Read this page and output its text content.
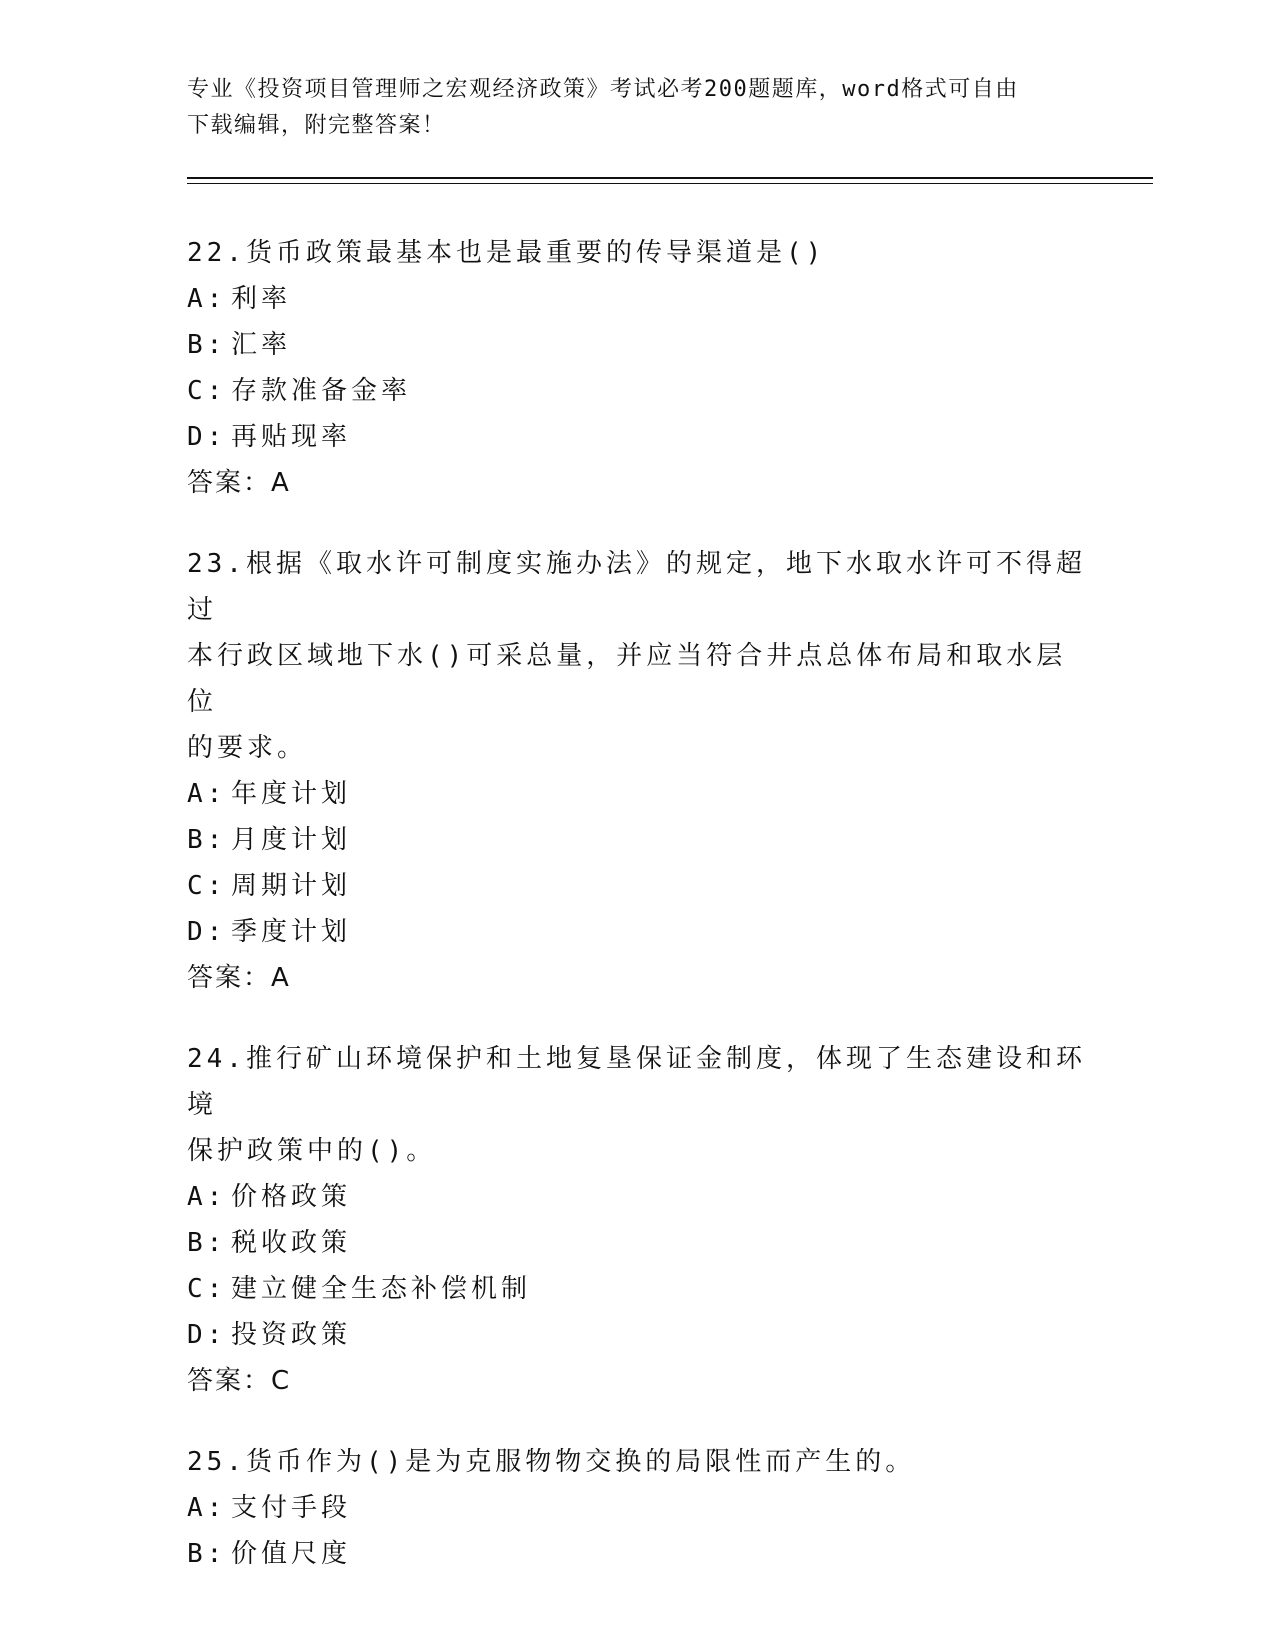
专业《投资项目管理师之宏观经济政策》考试必考200题题库，word格式可自由
下载编辑，附完整答案！
22.货币政策最基本也是最重要的传导渠道是()
A: 利率
B: 汇率
C: 存款准备金率
D: 再贴现率
答案：A
23.根据《取水许可制度实施办法》的规定，地下水取水许可不得超过
本行政区域地下水()可采总量，并应当符合井点总体布局和取水层位
的要求。
A: 年度计划
B: 月度计划
C: 周期计划
D: 季度计划
答案：A
24.推行矿山环境保护和土地复垦保证金制度，体现了生态建设和环境
保护政策中的()。
A: 价格政策
B: 税收政策
C: 建立健全生态补偿机制
D: 投资政策
答案：C
25.货币作为()是为克服物物交换的局限性而产生的。
A: 支付手段
B: 价值尺度
